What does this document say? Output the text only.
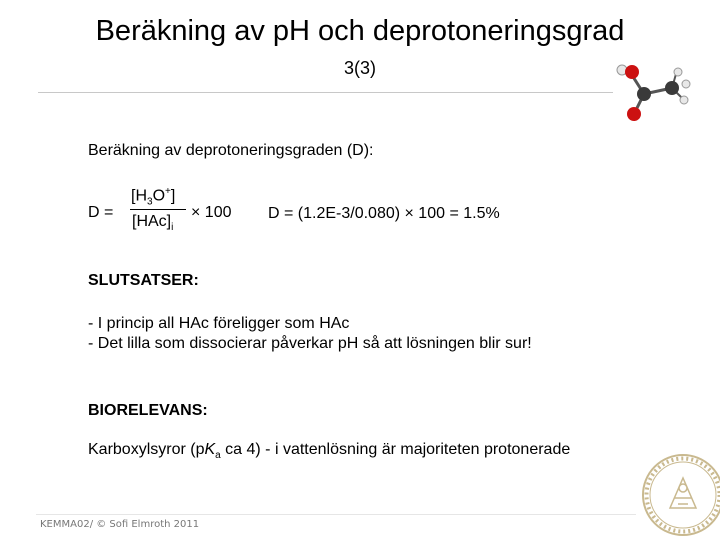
Beräkning av pH och deprotoneringsgrad
3(3)
Beräkning av deprotoneringsgraden (D):
D =
$[H_3O^+]$
$[HAc]_i$
× 100 D = (1.2E-3/0.080) × 100 = 1.5%
SLUTSATSER:
- I princip all HAc föreligger som HAc
- Det lilla som dissocierar påverkar pH så att lösningen blir sur!
BIORELEVANS:
Karboxylsyror ($pK_a$ ca 4) - i vattenlösning är majoriteten protonerade
KEMMA02/ © Sofi Elmroth 2011
